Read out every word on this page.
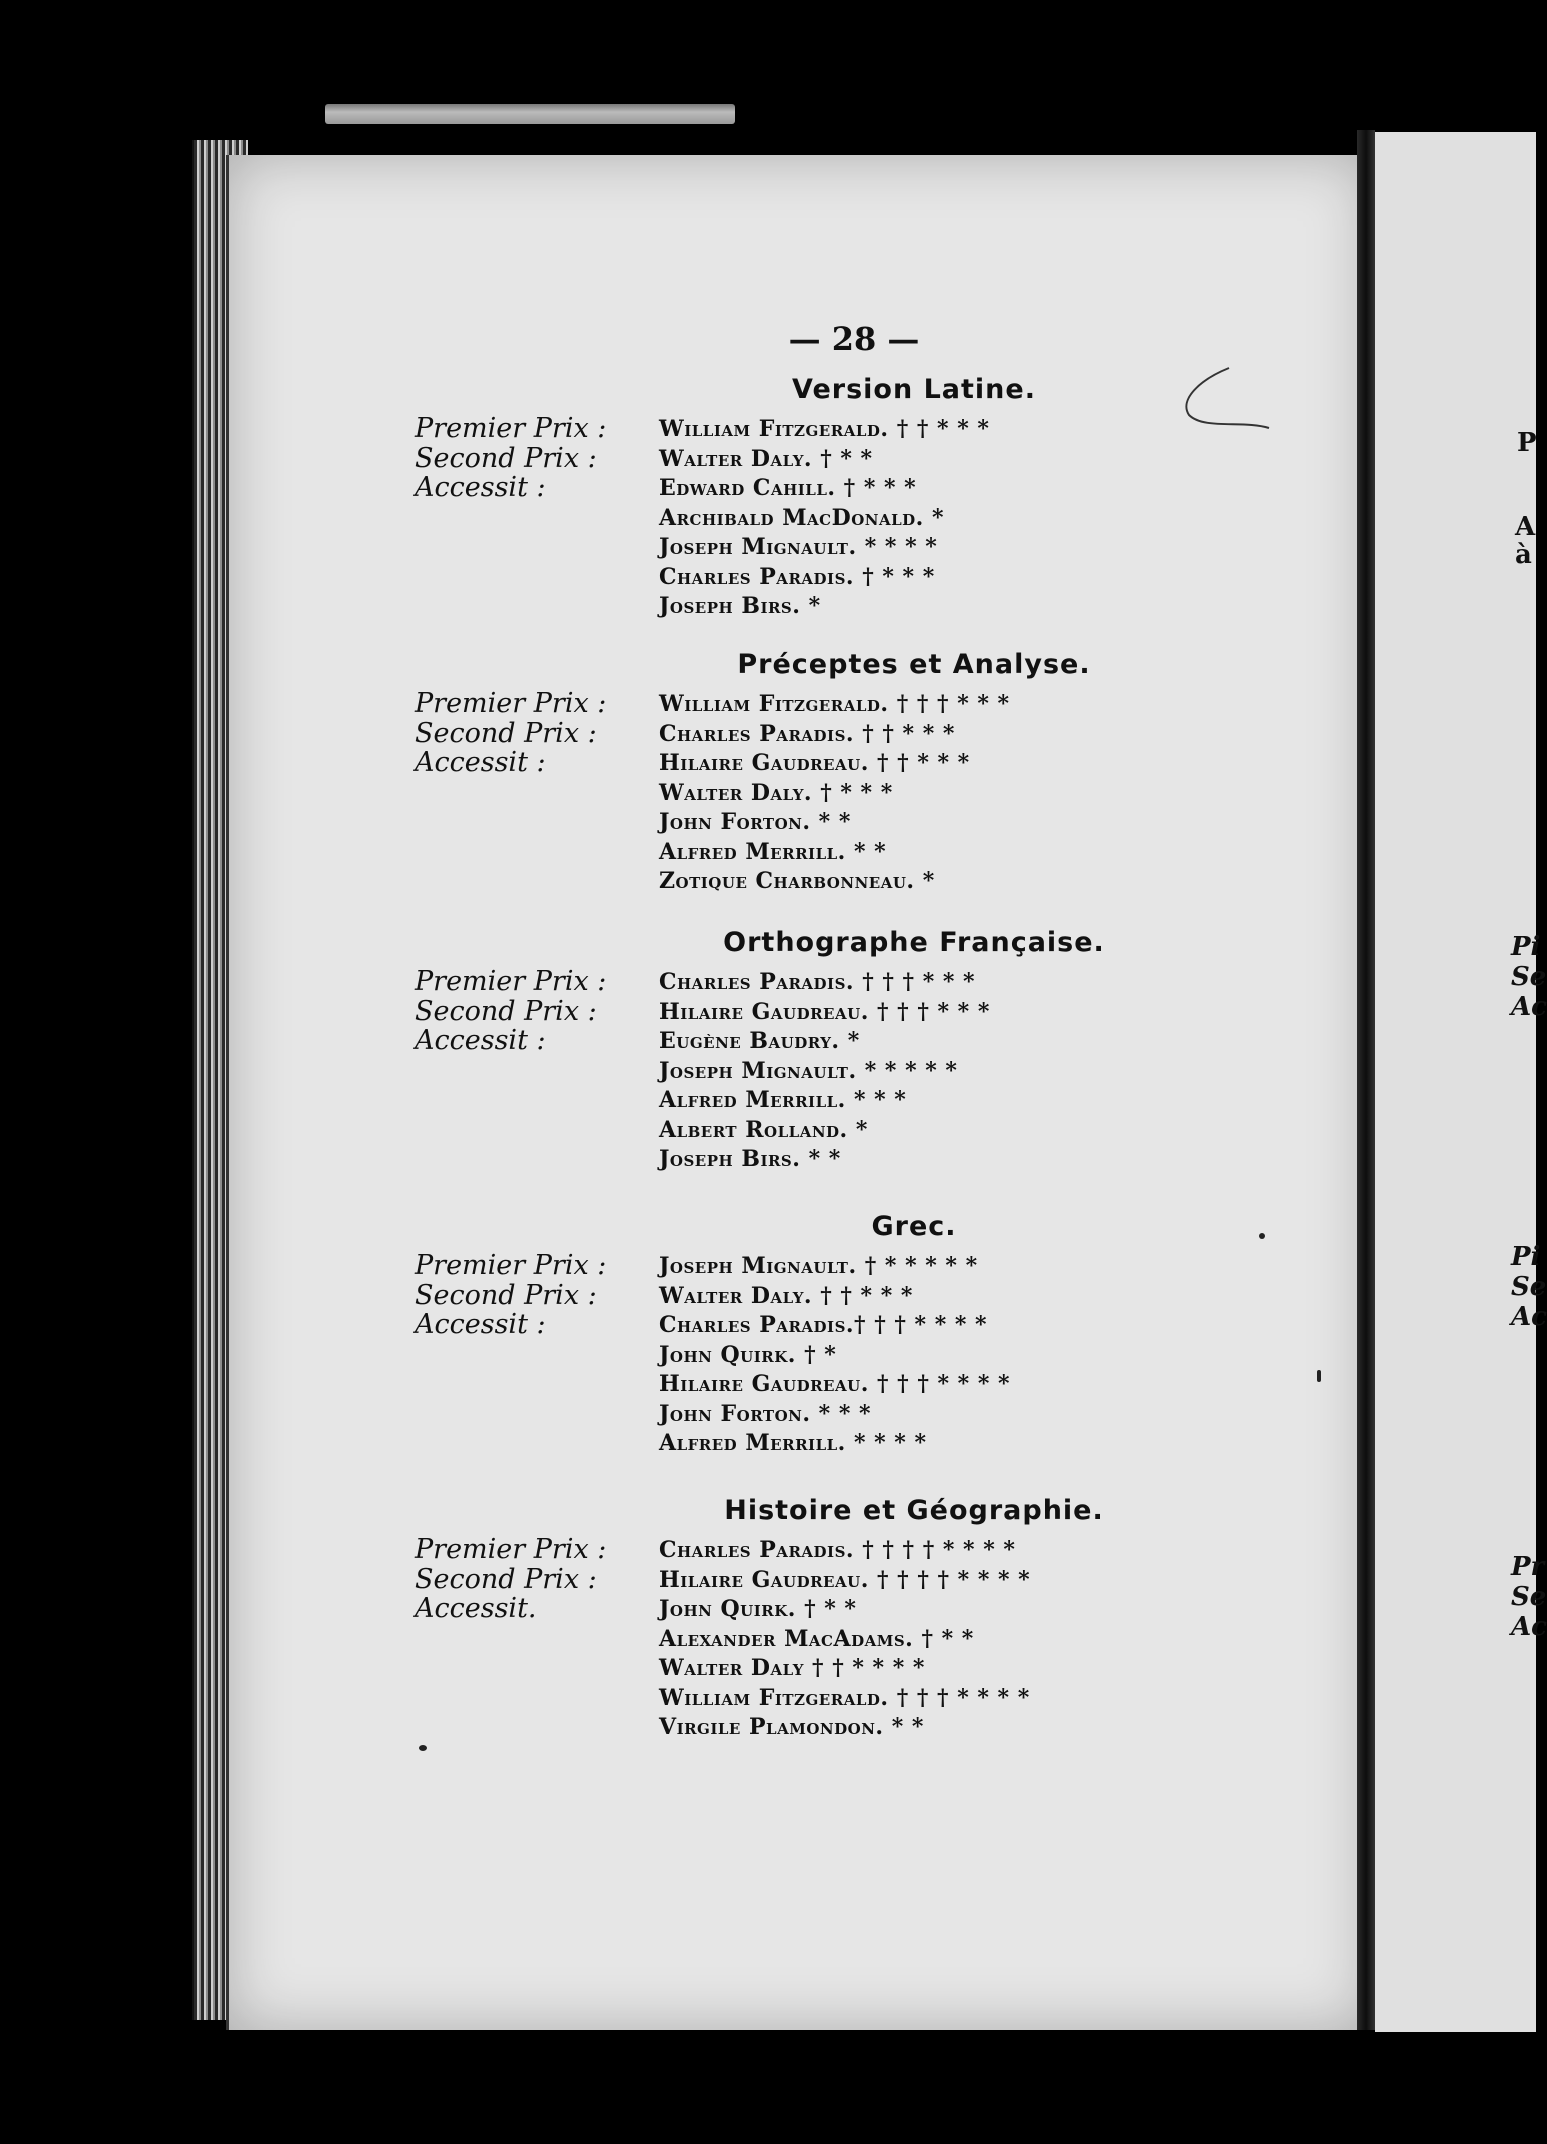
— 28 —
Version Latine.
Premier Prix : William Fitzgerald. † † * * *
Second Prix :	Walter Daly. † * *
Accessit :	Edward Cahill. † * * *
Archibald MacDonald. *
Joseph Mignault. * * * *
Charles Paradis. † * * *
Joseph Birs. *
Préceptes et Analyse.
Premier Prix : William Fitzgerald. † † † * * *
Second Prix :	Charles Paradis. † † * * *
Accessit :	Hilaire Gaudreau. † † * * *
Walter Daly. † * * *
John Forton. * *
Alfred Merrill. * *
Zotique Charbonneau. *
Orthographe Française.
Premier Prix : Charles Paradis. † † † * * *
Second Prix :	Hilaire Gaudreau. † † † * * *
Accessit :	Eugène Baudry. *
Joseph Mignault. * * * * *
Alfred Merrill. * * *
Albert Rolland. *
Joseph Birs. * *
Grec.
Premier Prix : Joseph Mignault. † * * * * *
Second Prix :	Walter Daly. † † * * *
Accessit :	Charles Paradis.† † † * * * *
John Quirk. † *
Hilaire Gaudreau. † † † * * * *
John Forton. * * *
Alfred Merrill. * * * *
Histoire et Géographie.
Premier Prix : Charles Paradis. † † † † * * * *
Second Prix :	Hilaire Gaudreau. † † † † * * * *
Accessit.	John Quirk. † * *
Alexander MacAdams. † * *
Walter Daly † † * * * *
William Fitzgerald. † † † * * * *
Virgile Plamondon. * *
P
A
à
Pi
Se
Ac
Pi
Se
Ac
Pr
Se
Ac
